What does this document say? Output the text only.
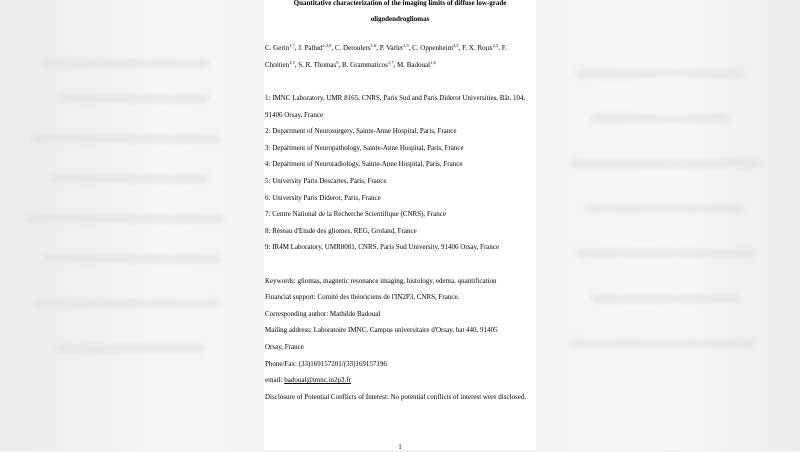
Quantitative characterization of the imaging limits of diffuse low-grade
oligodendrogliomas
C. Gerin$^{1,7}$, J. Pallud$^{2,3,8}$, C. Deroulers$^{1,6}$, P. Varlet$^{3,5}$, C. Oppenheim$^{4,5}$, F. X. Roux$^{2,5}$, F.
Chrétien$^{3,5}$, S. R. Thomas$^9$, B. Grammaticos$^{1,7}$, M. Badoual$^{1,6}$
1: IMNC Laboratory, UMR 8165, CNRS, Paris Sud and Paris Diderot Universities, Bât. 104,
91406 Orsay, France
2: Department of Neurosurgery, Sainte-Anne Hospital, Paris, France
3: Department of Neuropathology, Sainte-Anne Hospital, Paris, France
4: Department of Neuroradiology, Sainte-Anne Hospital, Paris, France
5: University Paris Descartes, Paris, France
6: University Paris Diderot, Paris, France
7: Centre National de la Recherche Scientifique (CNRS), France
8: Réseau d'Etude des gliomes, REG, Groland, France
9: IR4M Laboratory, UMR8081, CNRS, Paris Sud University, 91406 Orsay, France
Keywords: gliomas, magnetic resonance imaging, histology, edema, quantification
Financial support: Comité des théoriciens de l'IN2P3, CNRS, France.
Corresponding author: Mathilde Badoual
Mailing address: Laboratoire IMNC, Campus universitaire d'Orsay, bat 440, 91405
Orsay, France
Phone/Fax: (33)169157201/(33)169157196
email: badoual@imnc.in2p3.fr
Disclosure of Potential Conflicts of Interest: No potential conflicts of interest were disclosed.
1
